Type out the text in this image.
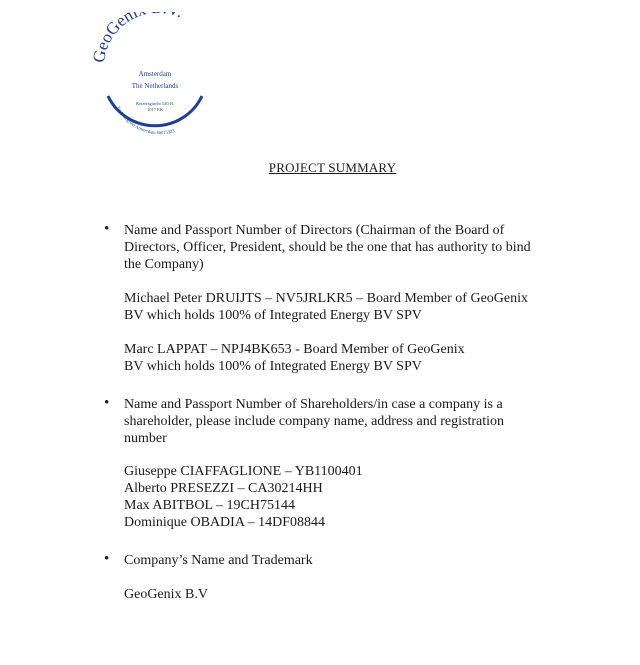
GeoGeni
Amsterdam
The Netherlands
Keizersgracht 520 H,
1017 EK
Trade Register Amsterdam 60015323
PROJECT SUMMARY
• Name and Passport Number of Directors (Chairman of the Board of
Directors, Officer, President, should be the one that has authority to bind
the Company)
Michael Peter DRUIJTS – NV5JRLKR5 – Board Member of GeoGenix
BV which holds 100% of Integrated Energy BV SPV
Marc LAPPAT – NPJ4BK653 - Board Member of GeoGenix
BV which holds 100% of Integrated Energy BV SPV
• Name and Passport Number of Shareholders/in case a company is a
shareholder, please include company name, address and registration
number
Giuseppe CIAFFAGLIONE – YB1100401
Alberto PRESEZZI – CA30214HH
Max ABITBOL – 19CH75144
Dominique OBADIA – 14DF08844
• Company’s Name and Trademark
GeoGenix B.V
